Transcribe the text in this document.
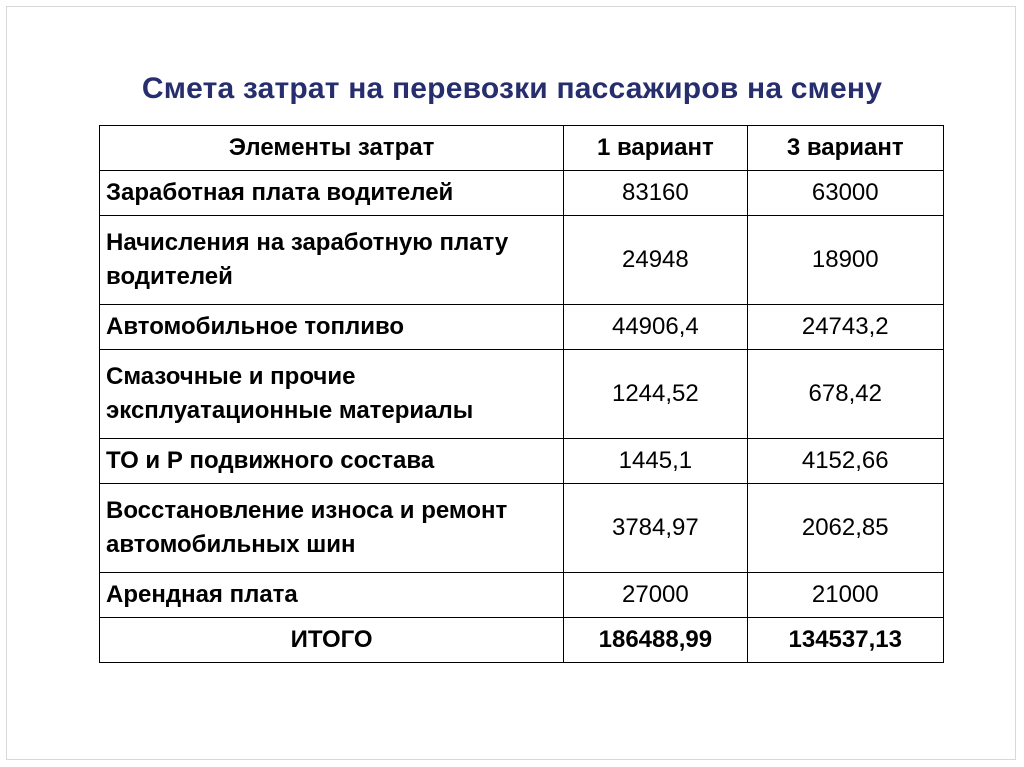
Смета затрат на перевозки пассажиров на смену
Элементы затрат	1 вариант	3 вариант
Заработная плата водителей	83160	63000
Начисления на заработную плату водителей	24948	18900
Автомобильное топливо	44906,4	24743,2
Смазочные и прочие эксплуатационные материалы	1244,52	678,42
ТО и Р подвижного состава	1445,1	4152,66
Восстановление износа и ремонт автомобильных шин	3784,97	2062,85
Арендная плата	27000	21000
ИТОГО	186488,99	134537,13
